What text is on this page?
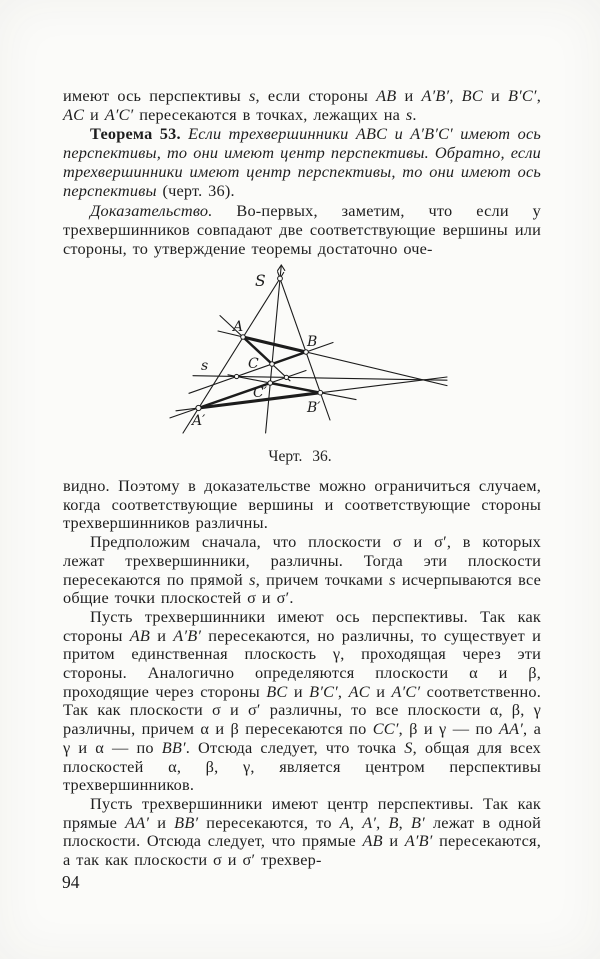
имеют ось перспективы s, если стороны AB и A′B′, BC и B′C′, AC и A′C′ пересекаются в точках, лежащих на s.

Теорема 53. Если трехвершинники ABC и A′B′C′ имеют ось перспективы, то они имеют центр перспективы. Обратно, если трехвершинники имеют центр перспективы, то они имеют ось перспективы (черт. 36).

Доказательство. Во-первых, заметим, что если у трехвершинников совпадают две соответствующие вершины или стороны, то утверждение теоремы достаточно оче-

S
A
B
C
s
C′
B′
A′
Черт. 36.

видно. Поэтому в доказательстве можно ограничиться случаем, когда соответствующие вершины и соответствующие стороны трехвершинников различны.

Предположим сначала, что плоскости σ и σ′, в которых лежат трехвершинники, различны. Тогда эти плоскости пересекаются по прямой s, причем точками s исчерпываются все общие точки плоскостей σ и σ′.

Пусть трехвершинники имеют ось перспективы. Так как стороны AB и A′B′ пересекаются, но различны, то существует и притом единственная плоскость γ, проходящая через эти стороны. Аналогично определяются плоскости α и β, проходящие через стороны BC и B′C′, AC и A′C′ соответственно. Так как плоскости σ и σ′ различны, то все плоскости α, β, γ различны, причем α и β пересекаются по CC′, β и γ — по AA′, а γ и α — по BB′. Отсюда следует, что точка S, общая для всех плоскостей α, β, γ, является центром перспективы трехвершинников.

Пусть трехвершинники имеют центр перспективы. Так как прямые AA′ и BB′ пересекаются, то A, A′, B, B′ лежат в одной плоскости. Отсюда следует, что прямые AB и A′B′ пересекаются, а так как плоскости σ и σ′ трехвер-

94
